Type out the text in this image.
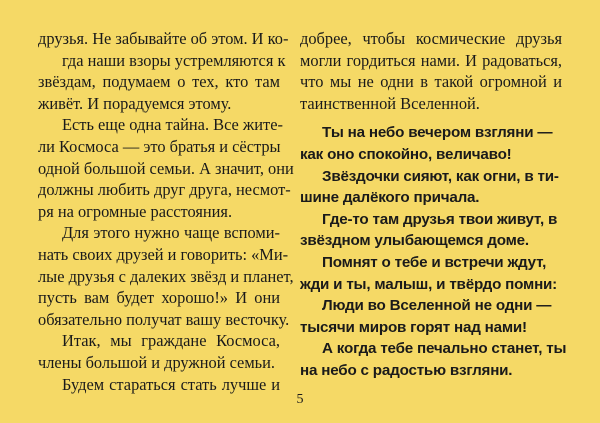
друзья. Не забывайте об этом. И ко-
гда наши взоры устремляются к
звёздам, подумаем о тех, кто там
живёт. И порадуемся этому.
Есть еще одна тайна. Все жите-
ли Космоса — это братья и сёстры
одной большой семьи. А значит, они
должны любить друг друга, несмот-
ря на огромные расстояния.
Для этого нужно чаще вспоми-
нать своих друзей и говорить: «Ми-
лые друзья с далеких звёзд и планет,
пусть вам будет хорошо!» И они
обязательно получат вашу весточку.
Итак, мы граждане Космоса,
члены большой и дружной семьи.
Будем стараться стать лучше и
добрее, чтобы космические друзья
могли гордиться нами. И радоваться,
что мы не одни в такой огромной и
таинственной Вселенной.
Ты на небо вечером взгляни —
как оно спокойно, величаво!
Звёздочки сияют, как огни, в ти-
шине далёкого причала.
Где-то там друзья твои живут, в
звёздном улыбающемся доме.
Помнят о тебе и встречи ждут,
жди и ты, малыш, и твёрдо помни:
Люди во Вселенной не одни —
тысячи миров горят над нами!
А когда тебе печально станет, ты
на небо с радостью взгляни.
5
